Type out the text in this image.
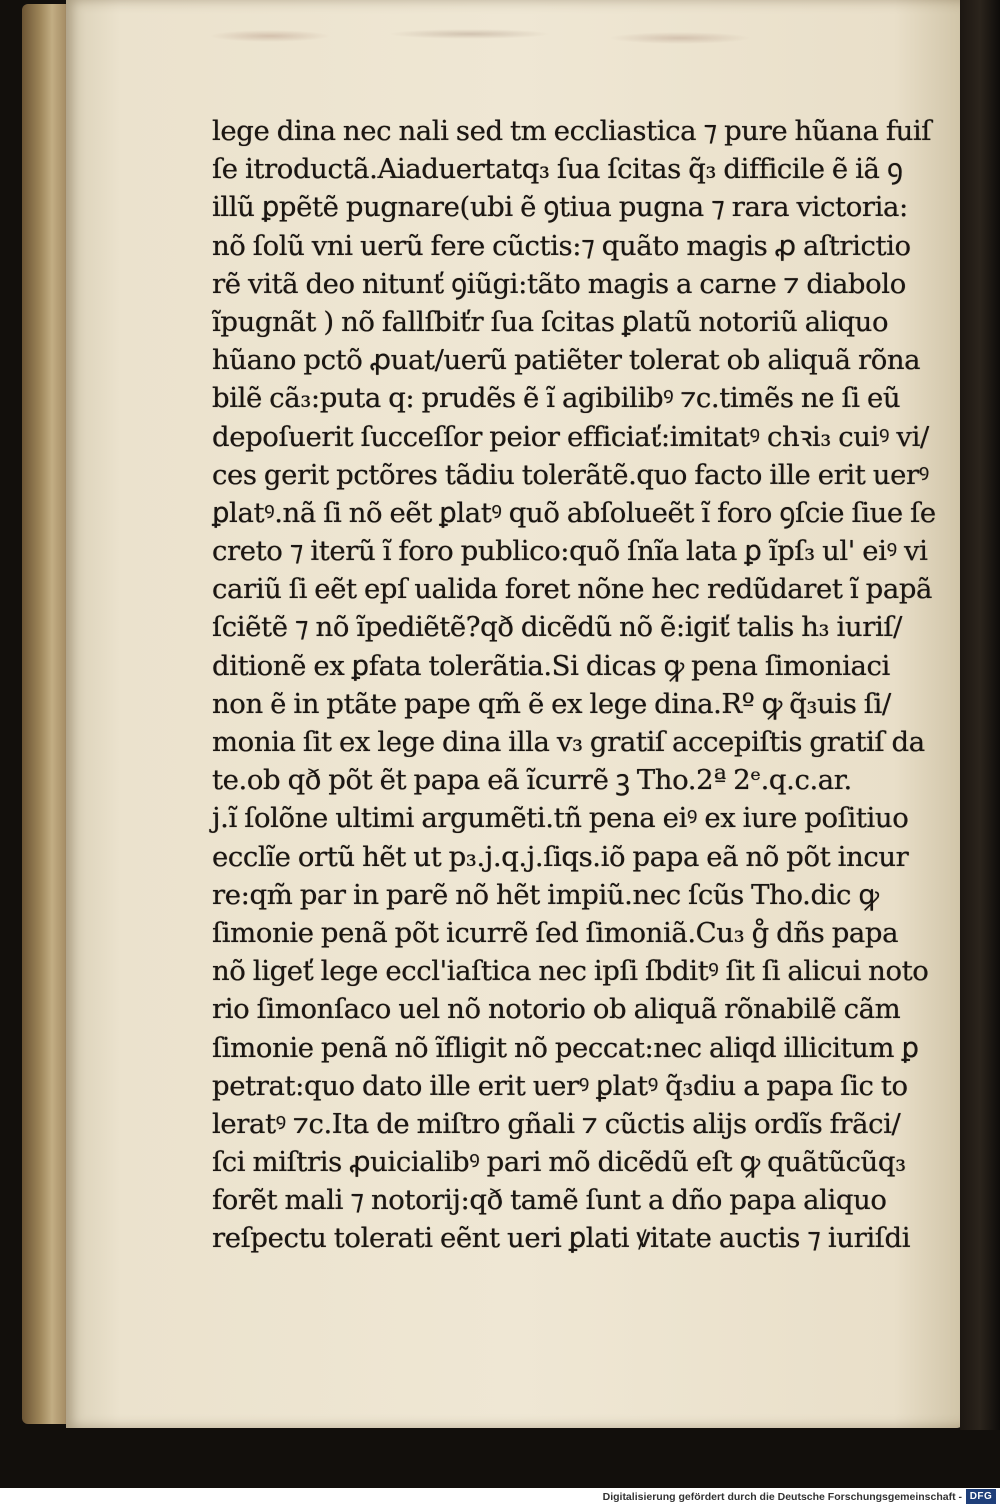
lege dina nec nali sed tm ecclіastica ⁊ pure hũana fuiſ
ſe itroductã.Aiaduertatq₃ ſua ſcitas q̃₃ difficile ẽ iã ꝯ
illũ ꝑpẽtẽ pugnare(ubi ẽ ꝯtiua pugna ⁊ rara victoria:
nõ ſolũ vni uerũ fere cũctis:⁊ quãto magis ꝓ aſtrictio
rẽ vitã deo nitunť ꝯiũgi:tãto magis a carne ⁊ diabolo
ĩpugnãt ) nõ fallſbiťr ſua ſcitas ꝑlatũ notoriũ aliquo
hũano pctõ ꝓuat/uerũ patiẽter tolerat ob aliquã rõna
bilẽ cã₃:puta q: prudẽs ẽ ĩ agibilibꝰ ⁊c.timẽs ne ſi eũ
depoſuerit ſucceſſor peior efficiať:imitatꝰ chꝛi₃ cuiꝰ vi/
ces gerit pctõres tãdiu tolerãtẽ.quo facto ille erit uerꝰ
ꝑlatꝰ.nã ſi nõ eẽt ꝑlatꝰ quõ abſolueẽt ĩ foro ꝯſcie ſiue ſe
creto ⁊ iterũ ĩ foro publico:quõ ſnĩa lata ꝑ ĩpſ₃ ul' eiꝰ vi
cariũ ſi eẽt epſ ualida foret nõne hec redũdaret ĩ papã
ſciẽtẽ ⁊ nõ ĩpediẽtẽ?qð dicẽdũ nõ ẽ:igiť talis h₃ iuriſ/
ditionẽ ex ꝑfata tolerãtia.Si dicas ꝙ pena ſimoniaci
non ẽ in ptãte pape qm̃ ẽ ex lege dina.Rº ꝙ q̃₃uis ſi/
monia ſit ex lege dina illa v₃ gratiſ accepiſtis gratiſ da
te.ob qð põt ẽt papa eã ĩcurrẽ ꝫ Tho.2ª 2ᵉ.q.c.ar.
j.ĩ ſolõne ultimi argumẽti.tñ pena eiꝰ ex iure poſitiuo
ecclĩe ortũ hẽt ut p₃.j.q.j.ſiqs.iõ papa eã nõ põt incur
re:qm̃ par in parẽ nõ hẽt impiũ.nec ſcũs Tho.dic ꝙ
ſimonie penã põt icurrẽ ſed ſimoniã.Cu₃ g̊ dñs papa
nõ ligeť lege eccl'iaſtica nec ipſi ſbditꝰ ſit ſi alicui noto
rio ſimonſaco uel nõ notorio ob aliquã rõnabilẽ cãm
ſimonie penã nõ ĩfligit nõ peccat:nec aliqd illicitum ꝑ
petrat:quo dato ille erit uerꝰ ꝑlatꝰ q̃₃diu a papa ſic to
leratꝰ ⁊c.Ita de miſtro gñali ⁊ cũctis alijs ordĩs frãci/
ſci miſtris ꝓuicialibꝰ pari mõ dicẽdũ eſt ꝙ quãtũcũq₃
forẽt mali ⁊ notorij:qð tamẽ ſunt a dño papa aliquo
reſpectu tolerati eẽnt ueri ꝑlati ꝟitate auctis ⁊ iuriſdi
Digitalisierung gefördert durch die Deutsche Forschungsgemeinschaft - DFG
